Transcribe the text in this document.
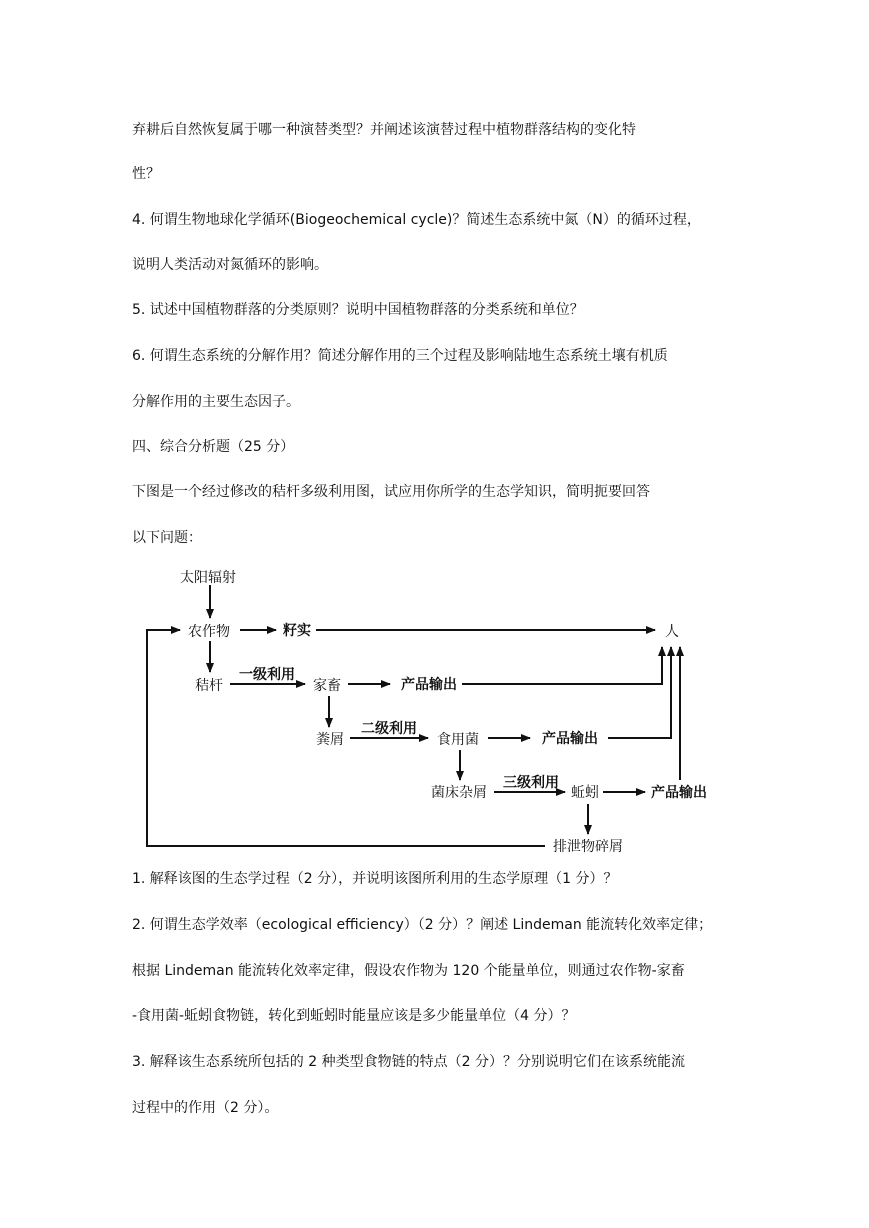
弃耕后自然恢复属于哪一种演替类型？并阐述该演替过程中植物群落结构的变化特
性？
4. 何谓生物地球化学循环(Biogeochemical cycle)？简述生态系统中氮（N）的循环过程，
说明人类活动对氮循环的影响。
5. 试述中国植物群落的分类原则？说明中国植物群落的分类系统和单位？
6. 何谓生态系统的分解作用？简述分解作用的三个过程及影响陆地生态系统土壤有机质
分解作用的主要生态因子。
四、综合分析题（25 分）
下图是一个经过修改的秸杆多级利用图，试应用你所学的生态学知识，简明扼要回答
以下问题：
太阳辐射
农作物	籽实	人
秸杆	家畜	产品输出
粪屑	食用菌	产品输出
菌床杂屑	蚯蚓	产品输出
排泄物碎屑
一级利用
二级利用
三级利用
1. 解释该图的生态学过程（2 分），并说明该图所利用的生态学原理（1 分）？
2. 何谓生态学效率（ecological efficiency）（2 分）？阐述 Lindeman 能流转化效率定律；
根据 Lindeman 能流转化效率定律，假设农作物为 120 个能量单位，则通过农作物-家畜
-食用菌-蚯蚓食物链，转化到蚯蚓时能量应该是多少能量单位（4 分）？
3. 解释该生态系统所包括的 2 种类型食物链的特点（2 分）？分别说明它们在该系统能流
过程中的作用（2 分）。
